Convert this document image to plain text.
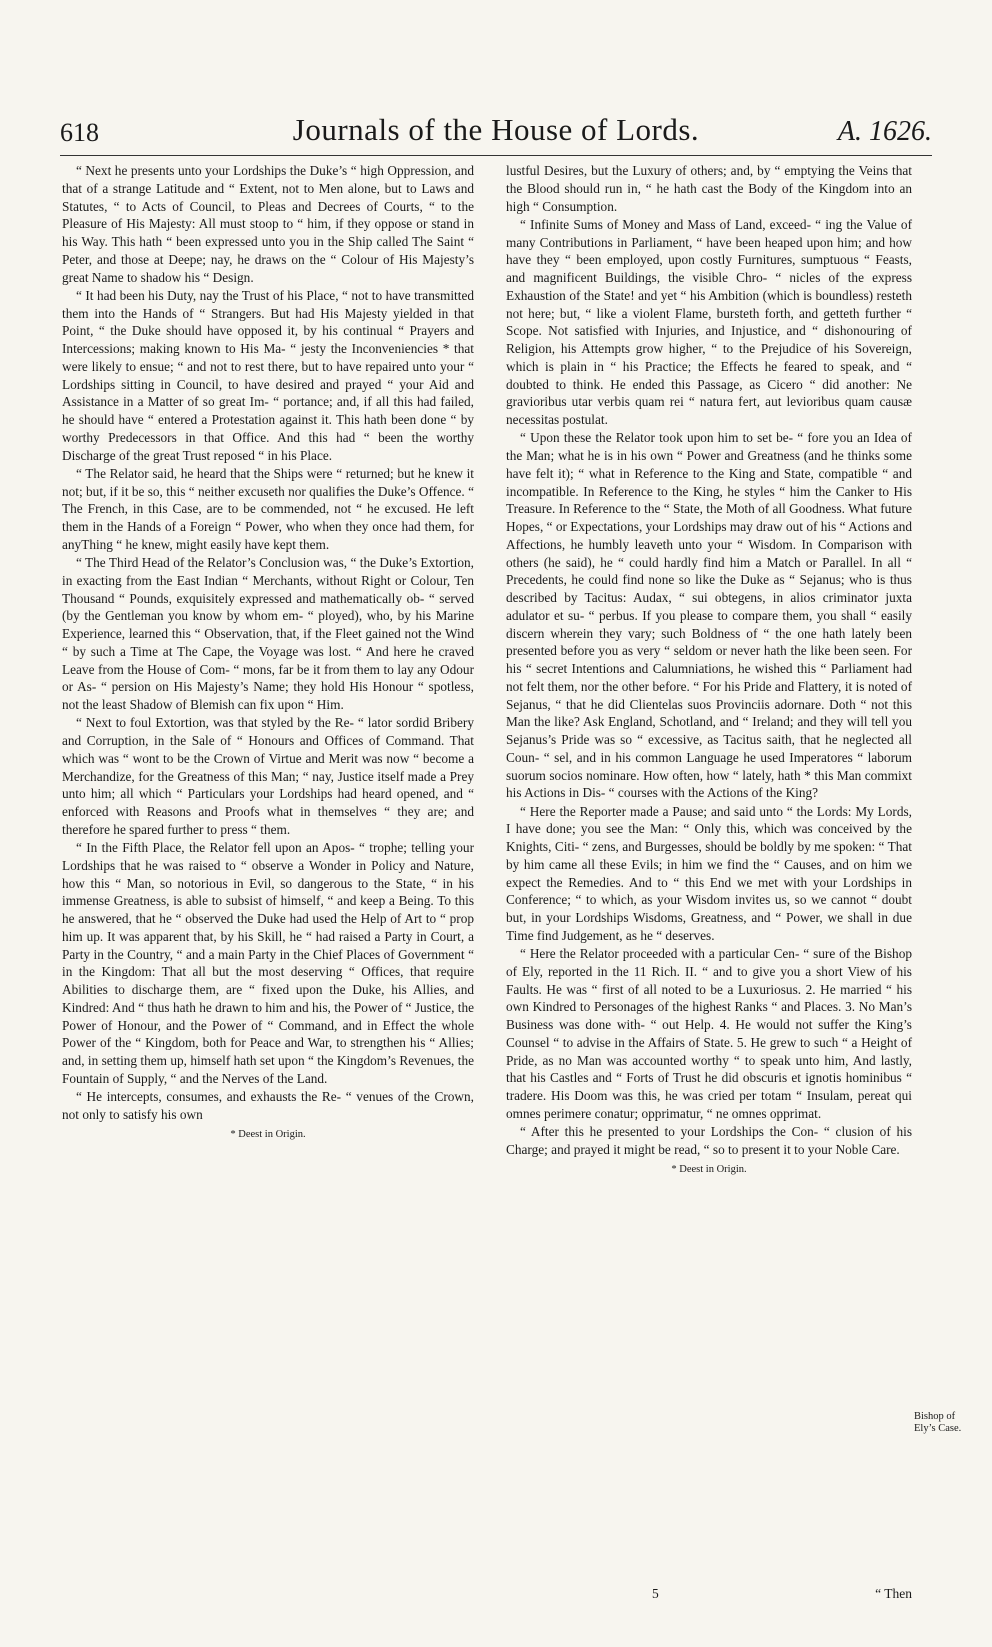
618	Journals of the House of Lords.	A. 1626.

“ Next he presents unto your Lordships the Duke’s “ high Oppression, and that of a strange Latitude and “ Extent, not to Men alone, but to Laws and Statutes, “ to Acts of Council, to Pleas and Decrees of Courts, “ to the Pleasure of His Majesty: All must stoop to “ him, if they oppose or stand in his Way. This hath “ been expressed unto you in the Ship called The Saint “ Peter, and those at Deepe; nay, he draws on the “ Colour of His Majesty’s great Name to shadow his “ Design.

“ It had been his Duty, nay the Trust of his Place, “ not to have transmitted them into the Hands of “ Strangers. But had His Majesty yielded in that Point, “ the Duke should have opposed it, by his continual “ Prayers and Intercessions; making known to His Ma- “ jesty the Inconveniencies * that were likely to ensue; “ and not to rest there, but to have repaired unto your “ Lordships sitting in Council, to have desired and prayed “ your Aid and Assistance in a Matter of so great Im- “ portance; and, if all this had failed, he should have “ entered a Protestation against it. This hath been done “ by worthy Predecessors in that Office. And this had “ been the worthy Discharge of the great Trust reposed “ in his Place.

“ The Relator said, he heard that the Ships were “ returned; but he knew it not; but, if it be so, this “ neither excuseth nor qualifies the Duke’s Offence. “ The French, in this Case, are to be commended, not “ he excused. He left them in the Hands of a Foreign “ Power, who when they once had them, for anyThing “ he knew, might easily have kept them.

“ The Third Head of the Relator’s Conclusion was, “ the Duke’s Extortion, in exacting from the East Indian “ Merchants, without Right or Colour, Ten Thousand “ Pounds, exquisitely expressed and mathematically ob- “ served (by the Gentleman you know by whom em- “ ployed), who, by his Marine Experience, learned this “ Observation, that, if the Fleet gained not the Wind “ by such a Time at The Cape, the Voyage was lost. “ And here he craved Leave from the House of Com- “ mons, far be it from them to lay any Odour or As- “ persion on His Majesty’s Name; they hold His Honour “ spotless, not the least Shadow of Blemish can fix upon “ Him.

“ Next to foul Extortion, was that styled by the Re- “ lator sordid Bribery and Corruption, in the Sale of “ Honours and Offices of Command. That which was “ wont to be the Crown of Virtue and Merit was now “ become a Merchandize, for the Greatness of this Man; “ nay, Justice itself made a Prey unto him; all which “ Particulars your Lordships had heard opened, and “ enforced with Reasons and Proofs what in themselves “ they are; and therefore he spared further to press “ them.

“ In the Fifth Place, the Relator fell upon an Apos- “ trophe; telling your Lordships that he was raised to “ observe a Wonder in Policy and Nature, how this “ Man, so notorious in Evil, so dangerous to the State, “ in his immense Greatness, is able to subsist of himself, “ and keep a Being. To this he answered, that he “ observed the Duke had used the Help of Art to “ prop him up. It was apparent that, by his Skill, he “ had raised a Party in Court, a Party in the Country, “ and a main Party in the Chief Places of Government “ in the Kingdom: That all but the most deserving “ Offices, that require Abilities to discharge them, are “ fixed upon the Duke, his Allies, and Kindred: And “ thus hath he drawn to him and his, the Power of “ Justice, the Power of Honour, and the Power of “ Command, and in Effect the whole Power of the “ Kingdom, both for Peace and War, to strengthen his “ Allies; and, in setting them up, himself hath set upon “ the Kingdom’s Revenues, the Fountain of Supply, “ and the Nerves of the Land.

“ He intercepts, consumes, and exhausts the Re- “ venues of the Crown, not only to satisfy his own

* Deest in Origin.

lustful Desires, but the Luxury of others; and, by “ emptying the Veins that the Blood should run in, “ he hath cast the Body of the Kingdom into an high “ Consumption.

“ Infinite Sums of Money and Mass of Land, exceed- “ ing the Value of many Contributions in Parliament, “ have been heaped upon him; and how have they “ been employed, upon costly Furnitures, sumptuous “ Feasts, and magnificent Buildings, the visible Chro- “ nicles of the express Exhaustion of the State! and yet “ his Ambition (which is boundless) resteth not here; but, “ like a violent Flame, bursteth forth, and getteth further “ Scope. Not satisfied with Injuries, and Injustice, and “ dishonouring of Religion, his Attempts grow higher, “ to the Prejudice of his Sovereign, which is plain in “ his Practice; the Effects he feared to speak, and “ doubted to think. He ended this Passage, as Cicero “ did another: Ne gravioribus utar verbis quam rei “ natura fert, aut levioribus quam causæ necessitas postulat.

“ Upon these the Relator took upon him to set be- “ fore you an Idea of the Man; what he is in his own “ Power and Greatness (and he thinks some have felt it); “ what in Reference to the King and State, compatible “ and incompatible. In Reference to the King, he styles “ him the Canker to His Treasure. In Reference to the “ State, the Moth of all Goodness. What future Hopes, “ or Expectations, your Lordships may draw out of his “ Actions and Affections, he humbly leaveth unto your “ Wisdom. In Comparison with others (he said), he “ could hardly find him a Match or Parallel. In all “ Precedents, he could find none so like the Duke as “ Sejanus; who is thus described by Tacitus: Audax, “ sui obtegens, in alios criminator juxta adulator et su- “ perbus. If you please to compare them, you shall “ easily discern wherein they vary; such Boldness of “ the one hath lately been presented before you as very “ seldom or never hath the like been seen. For his “ secret Intentions and Calumniations, he wished this “ Parliament had not felt them, nor the other before. “ For his Pride and Flattery, it is noted of Sejanus, “ that he did Clientelas suos Provinciis adornare. Doth “ not this Man the like? Ask England, Schotland, and “ Ireland; and they will tell you Sejanus’s Pride was so “ excessive, as Tacitus saith, that he neglected all Coun- “ sel, and in his common Language he used Imperatores “ laborum suorum socios nominare. How often, how “ lately, hath * this Man commixt his Actions in Dis- “ courses with the Actions of the King?

“ Here the Reporter made a Pause; and said unto “ the Lords: My Lords, I have done; you see the Man: “ Only this, which was conceived by the Knights, Citi- “ zens, and Burgesses, should be boldly by me spoken: “ That by him came all these Evils; in him we find the “ Causes, and on him we expect the Remedies. And to “ this End we met with your Lordships in Conference; “ to which, as your Wisdom invites us, so we cannot “ doubt but, in your Lordships Wisdoms, Greatness, and “ Power, we shall in due Time find Judgement, as he “ deserves.

“ Here the Relator proceeded with a particular Cen- “ sure of the Bishop of Ely, reported in the 11 Rich. II. “ and to give you a short View of his Faults. He was “ first of all noted to be a Luxuriosus. 2. He married “ his own Kindred to Personages of the highest Ranks “ and Places. 3. No Man’s Business was done with- “ out Help. 4. He would not suffer the King’s Counsel “ to advise in the Affairs of State. 5. He grew to such “ a Height of Pride, as no Man was accounted worthy “ to speak unto him, And lastly, that his Castles and “ Forts of Trust he did obscuris et ignotis hominibus “ tradere. His Doom was this, he was cried per totam “ Insulam, pereat qui omnes perimere conatur; opprimatur, “ ne omnes opprimat.

“ After this he presented to your Lordships the Con- “ clusion of his Charge; and prayed it might be read, “ so to present it to your Noble Care.

* Deest in Origin.

Bishop of Ely’s Case.
5	“ Then
